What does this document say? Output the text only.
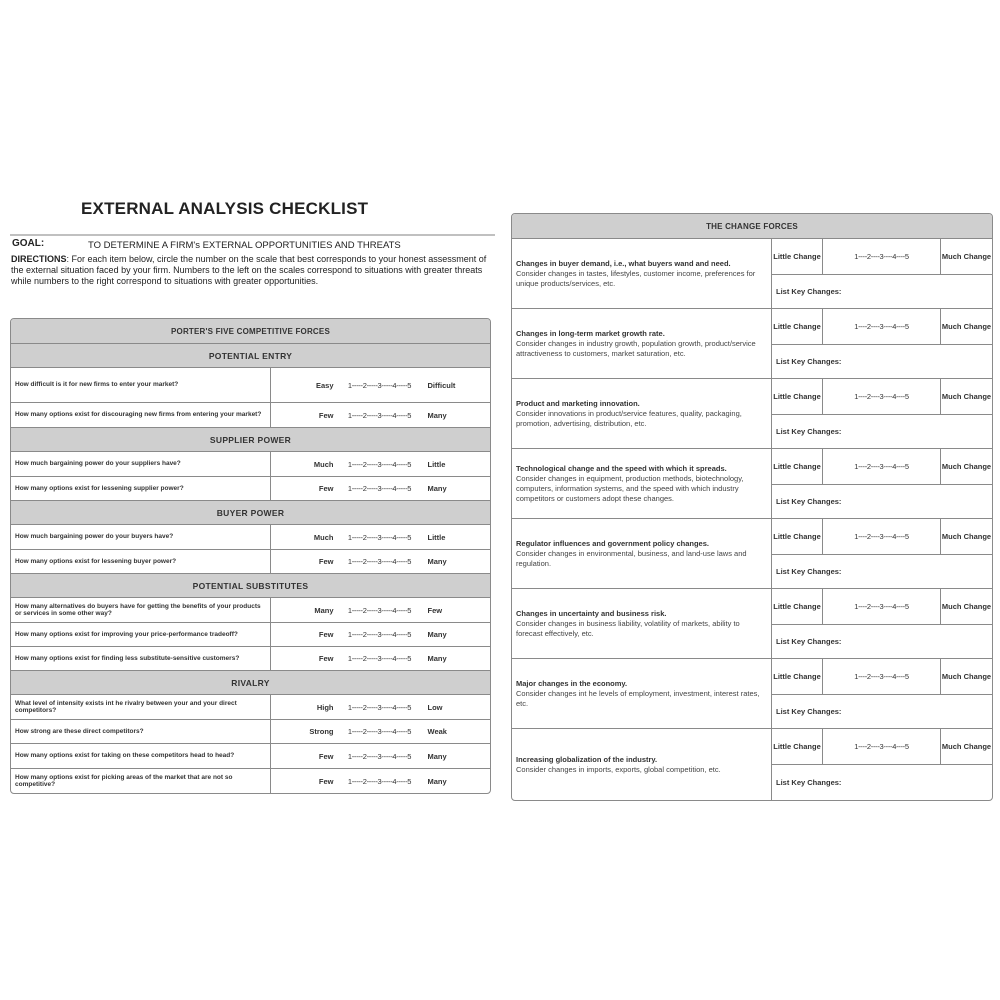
EXTERNAL ANALYSIS CHECKLIST
GOAL:	TO DETERMINE A FIRM's EXTERNAL OPPORTUNITIES AND THREATS
DIRECTIONS: For each item below, circle the number on the scale that best corresponds to your honest assessment of the external situation faced by your firm. Numbers to the left on the scales correspond to situations with greater threats while numbers to the right correspond to situations with greater opportunities.
PORTER'S FIVE COMPETITIVE FORCES
POTENTIAL ENTRY
How difficult is it for new firms to enter your market?	Easy	1-----2-----3-----4-----5	Difficult
How many options exist for discouraging new firms from entering your market?	Few	1-----2-----3-----4-----5	Many
SUPPLIER POWER
How much bargaining power do your suppliers have?	Much	1-----2-----3-----4-----5	Little
How many options exist for lessening supplier power?	Few	1-----2-----3-----4-----5	Many
BUYER POWER
How much bargaining power do your buyers have?	Much	1-----2-----3-----4-----5	Little
How many options exist for lessening buyer power?	Few	1-----2-----3-----4-----5	Many
POTENTIAL SUBSTITUTES
How many alternatives do buyers have for getting the benefits of your products or services in some other way?	Many	1-----2-----3-----4-----5	Few
How many options exist for improving your price-performance tradeoff?	Few	1-----2-----3-----4-----5	Many
How many options exist for finding less substitute-sensitive customers?	Few	1-----2-----3-----4-----5	Many
RIVALRY
What level of intensity exists int he rivalry between your and your direct competitors?	High	1-----2-----3-----4-----5	Low
How strong are these direct competitors?	Strong	1-----2-----3-----4-----5	Weak
How many options exist for taking on these competitors head to head?	Few	1-----2-----3-----4-----5	Many
How many options exist for picking areas of the market that are not so competitive?	Few	1-----2-----3-----4-----5	Many
THE CHANGE FORCES
Changes in buyer demand, i.e., what buyers wand and need.
Consider changes in tastes, lifestyles, customer income, preferences for unique products/services, etc.
Little Change	1----2----3----4----5	Much Change
List Key Changes:
Changes in long-term market growth rate.
Consider changes in industry growth, population growth, product/service attractiveness to customers, market saturation, etc.
Little Change	1----2----3----4----5	Much Change
List Key Changes:
Product and marketing innovation.
Consider innovations in product/service features, quality, packaging, promotion, advertising, distribution, etc.
Little Change	1----2----3----4----5	Much Change
List Key Changes:
Technological change and the speed with which it spreads.
Consider changes in equipment, production methods, biotechnology, computers, information systems, and the speed with which industry competitors or customers adopt these changes.
Little Change	1----2----3----4----5	Much Change
List Key Changes:
Regulator influences and government policy changes.
Consider changes in environmental, business, and land-use laws and regulation.
Little Change	1----2----3----4----5	Much Change
List Key Changes:
Changes in uncertainty and business risk.
Consider changes in business liability, volatility of markets, ability to forecast effectively, etc.
Little Change	1----2----3----4----5	Much Change
List Key Changes:
Major changes in the economy.
Consider changes int he levels of employment, investment, interest rates, etc.
Little Change	1----2----3----4----5	Much Change
List Key Changes:
Increasing globalization of the industry.
Consider changes in imports, exports, global competition, etc.
Little Change	1----2----3----4----5	Much Change
List Key Changes:
